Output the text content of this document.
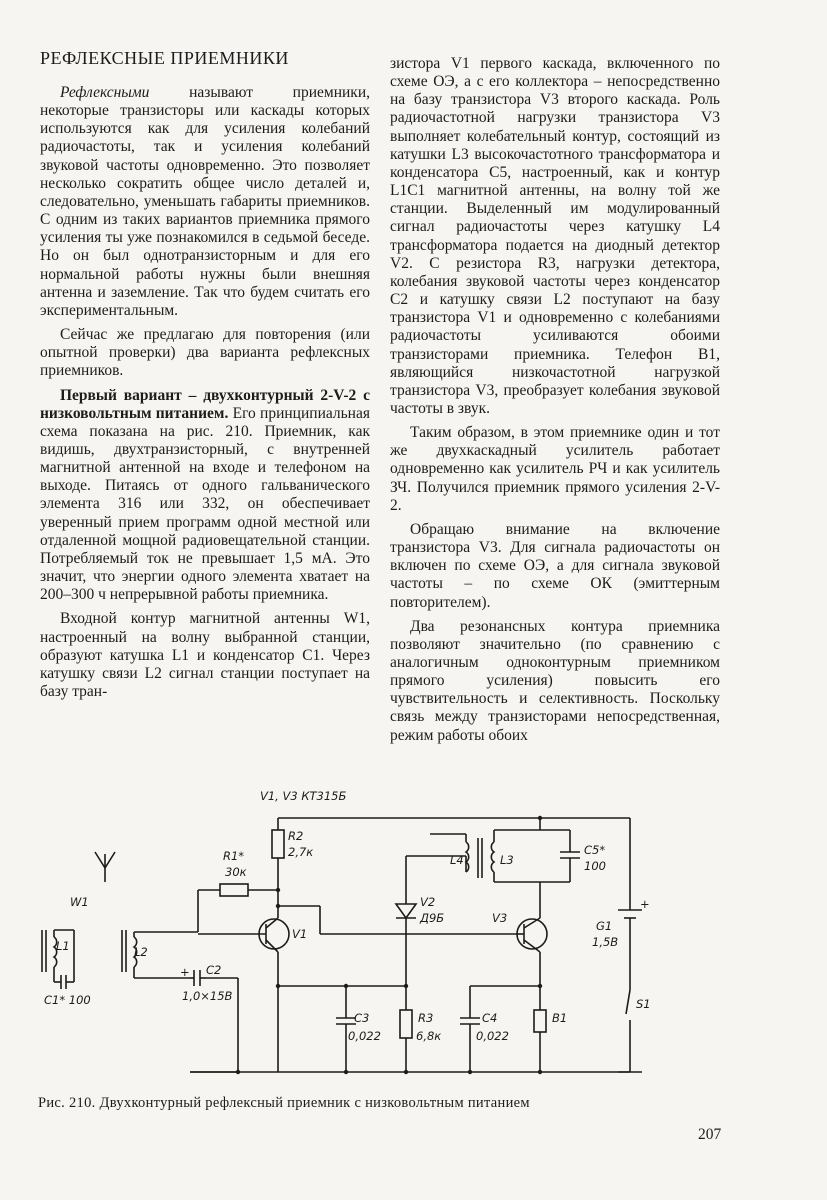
РЕФЛЕКСНЫЕ ПРИЕМНИКИ

Рефлексными называют приемники, некоторые транзисторы или каскады которых используются как для усиления колебаний радиочастоты, так и усиления колебаний звуковой частоты одновременно. Это позволяет несколько сократить общее число деталей и, следовательно, уменьшать габариты приемников. С одним из таких вариантов приемника прямого усиления ты уже познакомился в седьмой беседе. Но он был однотранзисторным и для его нормальной работы нужны были внешняя антенна и заземление. Так что будем считать его экспериментальным.

Сейчас же предлагаю для повторения (или опытной проверки) два варианта рефлексных приемников.

Первый вариант – двухконтурный 2-V-2 с низковольтным питанием. Его принципиальная схема показана на рис. 210. Приемник, как видишь, двухтранзисторный, с внутренней магнитной антенной на входе и телефоном на выходе. Питаясь от одного гальванического элемента 316 или 332, он обеспечивает уверенный прием программ одной местной или отдаленной мощной радиовещательной станции. Потребляемый ток не превышает 1,5 мА. Это значит, что энергии одного элемента хватает на 200–300 ч непрерывной работы приемника.

Входной контур магнитной антенны W1, настроенный на волну выбранной станции, образуют катушка L1 и конденсатор C1. Через катушку связи L2 сигнал станции поступает на базу тран-

зистора V1 первого каскада, включенного по схеме ОЭ, а с его коллектора – непосредственно на базу транзистора V3 второго каскада. Роль радиочастотной нагрузки транзистора V3 выполняет колебательный контур, состоящий из катушки L3 высокочастотного трансформатора и конденсатора C5, настроенный, как и контур L1C1 магнитной антенны, на волну той же станции. Выделенный им модулированный сигнал радиочастоты через катушку L4 трансформатора подается на диодный детектор V2. С резистора R3, нагрузки детектора, колебания звуковой частоты через конденсатор C2 и катушку связи L2 поступают на базу транзистора V1 и одновременно с колебаниями радиочастоты усиливаются обоими транзисторами приемника. Телефон B1, являющийся низкочастотной нагрузкой транзистора V3, преобразует колебания звуковой частоты в звук.

Таким образом, в этом приемнике один и тот же двухкаскадный усилитель работает одновременно как усилитель РЧ и как усилитель ЗЧ. Получился приемник прямого усиления 2-V-2.

Обращаю внимание на включение транзистора V3. Для сигнала радиочастоты он включен по схеме ОЭ, а для сигнала звуковой частоты – по схеме ОК (эмиттерным повторителем).

Два резонансных контура приемника позволяют значительно (по сравнению с аналогичным одноконтурным приемником прямого усиления) повысить его чувствительность и селективность. Поскольку связь между транзисторами непосредственная, режим работы обоих

V1, V3 КТ315Б
W1
L1
C1* 100
L2
+ C2
1,0×15В
R1*
30к
R2
2,7к
V1
C3
0,022
R3
6,8к
V2
Д9Б
L4	L3
C5*
100
V3
C4
0,022
B1
+
G1
1,5В
S1
Рис. 210. Двухконтурный рефлексный приемник с низковольтным питанием
207
